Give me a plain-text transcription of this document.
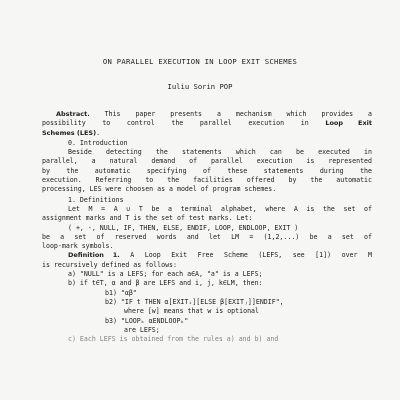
ON PARALLEL EXECUTION IN LOOP EXIT SCHEMES
Iuliu Sorin POP

Abstract. This paper presents a mechanism which provides a

possibility to control the parallel execution in	Loop Exit

Schemes (LES).

0. Introduction

Beside detecting the statements which can be executed in

parallel, a natural demand of parallel execution is represented

by the automatic specifying of these statements during the

execution. Referring to the facilities offered by the automatic

processing, LES were choosen as a model of program schemes.

1. Definitions

Let M = A ∪ T be a terminal alphabet, where A is the set of

assignment marks and T is the set of test marks. Let:

( +, -, NULL, IF, THEN, ELSE, ENDIF, LOOP, ENDLOOP, EXIT )

be a set of reserved words and let LM = (1,2,...) be a set of

loop-mark symbols.

Definition 1. A Loop Exit Free Scheme (LEFS, see [1]) over M

is recursively defined as follows:

a) "NULL" is a LEFS; for each a∈A, "a" is a LEFS;

b) if t∈T, α and β are LEFS and i, j, k∈LM, then:

b1) "αβ"

b2) "IF t THEN α[EXITᵢ][ELSE β[EXITⱼ]]ENDIF",

where [w] means that w is optional

b3) "LOOPₖ αENDLOOPₖ"

are LEFS;

c) Each LEFS is obtained from the rules a) and b) and
